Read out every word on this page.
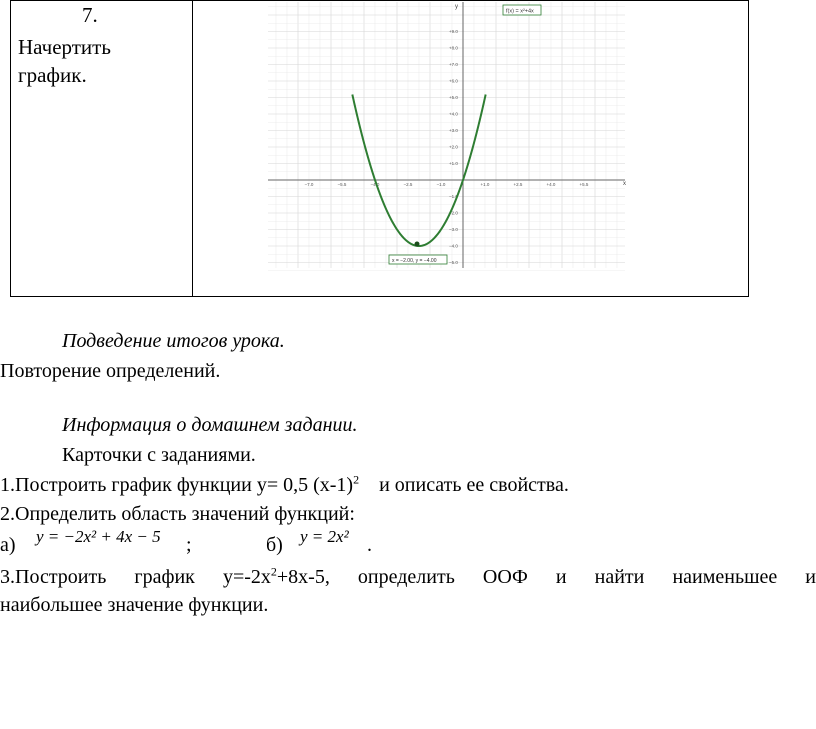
7.
Начертить
график.
x
y
−7.0	−5.5	−4.0	−2.5	−1.0	+1.0	+2.5	+4.0	+5.5
+9.0
+8.0
+7.0
+6.0
+5.0
+4.0
+3.0
+2.0
+1.0
−1.0
−2.0
−3.0
−4.0
−5.0
f(x) = x²+4x
x = −2.00, y = −4.00
Подведение итогов урока.
Повторение определений.
Информация о домашнем задании.
Карточки с заданиями.
1.Построить график функции y= 0,5 $(x-1)^2$ и описать ее свойства.
2.Определить область значений функций:
а) y = −2x² + 4x − 5 ;	б) y = 2x² .
3.Построить график $y=-2x^2+8x-5$, определить ООФ и найти наименьшее и
наибольшее значение функции.
